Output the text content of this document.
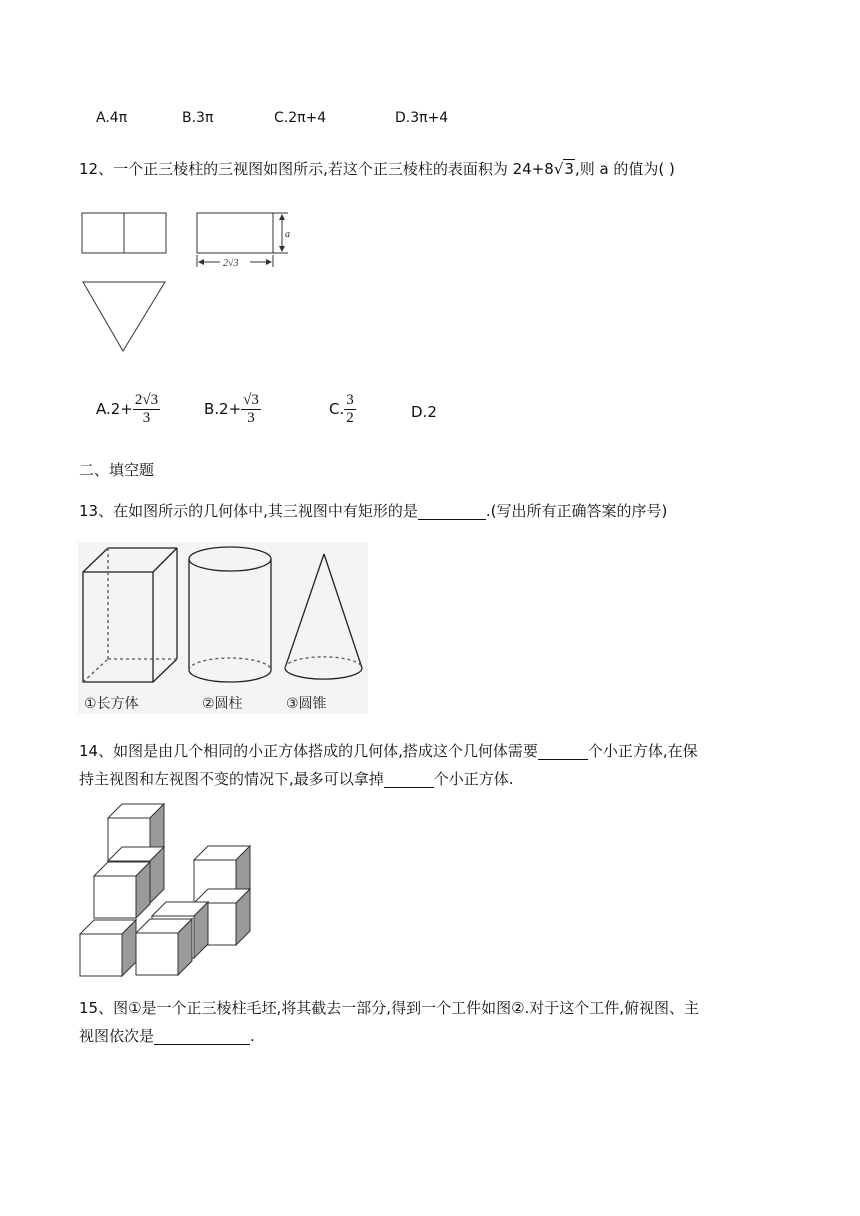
A.4π	B.3π	C.2π+4	D.3π+4
12、一个正三棱柱的三视图如图所示,若这个正三棱柱的表面积为 24+8√3,则 a 的值为( )
a
2√3
$A.2+ \frac{2√3}{3}$	$B.2+ \frac{√3}{3}$	C. $\frac{3}{2}$	D.2
二、填空题
13、在如图所示的几何体中,其三视图中有矩形的是	.(写出所有正确答案的序号)
①长方体	②圆柱	③圆锥
14、如图是由几个相同的小正方体搭成的几何体,搭成这个几何体需要	个小正方体,在保
持主视图和左视图不变的情况下,最多可以拿掉	个小正方体.
15、图①是一个正三棱柱毛坯,将其截去一部分,得到一个工件如图②.对于这个工件,俯视图、主
视图依次是	.
